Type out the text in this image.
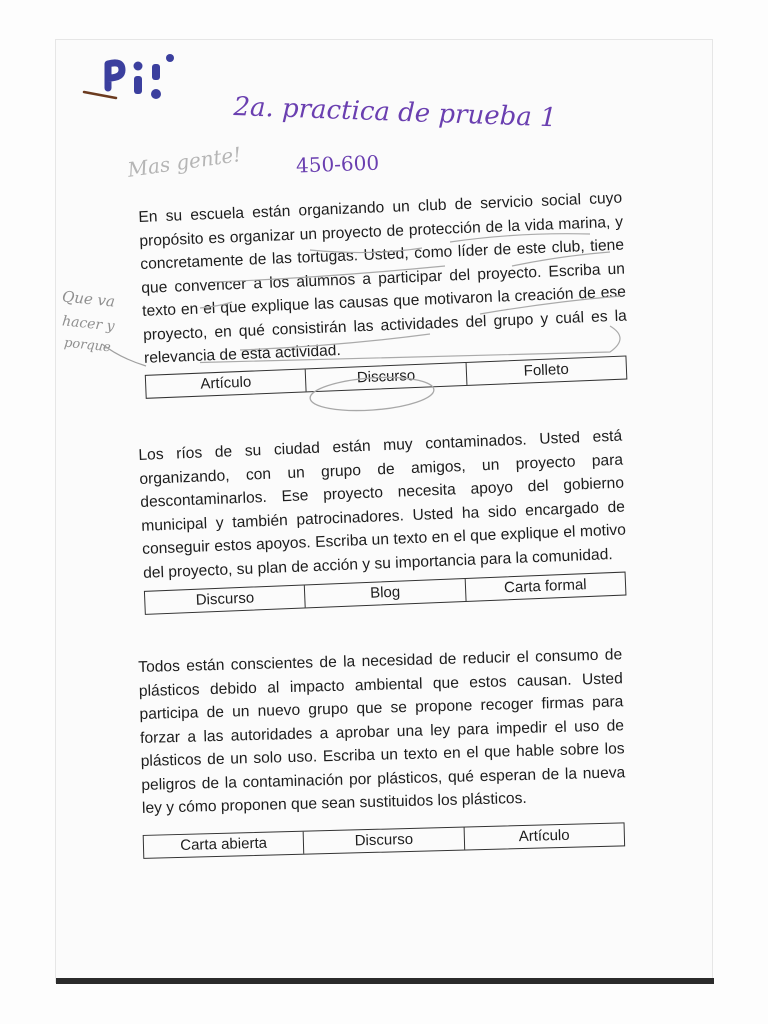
2a. practica de prueba 1
450-600
Mas gente!
Que va
hacer y
porque

En su escuela están organizando un club de servicio social cuyo propósito es organizar un proyecto de protección de la vida marina, y concretamente de las tortugas. Usted, como líder de este club, tiene que convencer a los alumnos a participar del proyecto. Escriba un texto en el que explique las causas que motivaron la creación de ese proyecto, en qué consistirán las actividades del grupo y cuál es la relevancia de esta actividad.

Artículo	Discurso	Folleto

Los ríos de su ciudad están muy contaminados. Usted está organizando, con un grupo de amigos, un proyecto para descontaminarlos. Ese proyecto necesita apoyo del gobierno municipal y también patrocinadores. Usted ha sido encargado de conseguir estos apoyos. Escriba un texto en el que explique el motivo del proyecto, su plan de acción y su importancia para la comunidad.

Discurso	Blog	Carta formal

Todos están conscientes de la necesidad de reducir el consumo de plásticos debido al impacto ambiental que estos causan. Usted participa de un nuevo grupo que se propone recoger firmas para forzar a las autoridades a aprobar una ley para impedir el uso de plásticos de un solo uso. Escriba un texto en el que hable sobre los peligros de la contaminación por plásticos, qué esperan de la nueva ley y cómo proponen que sean sustituidos los plásticos.

Carta abierta	Discurso	Artículo
